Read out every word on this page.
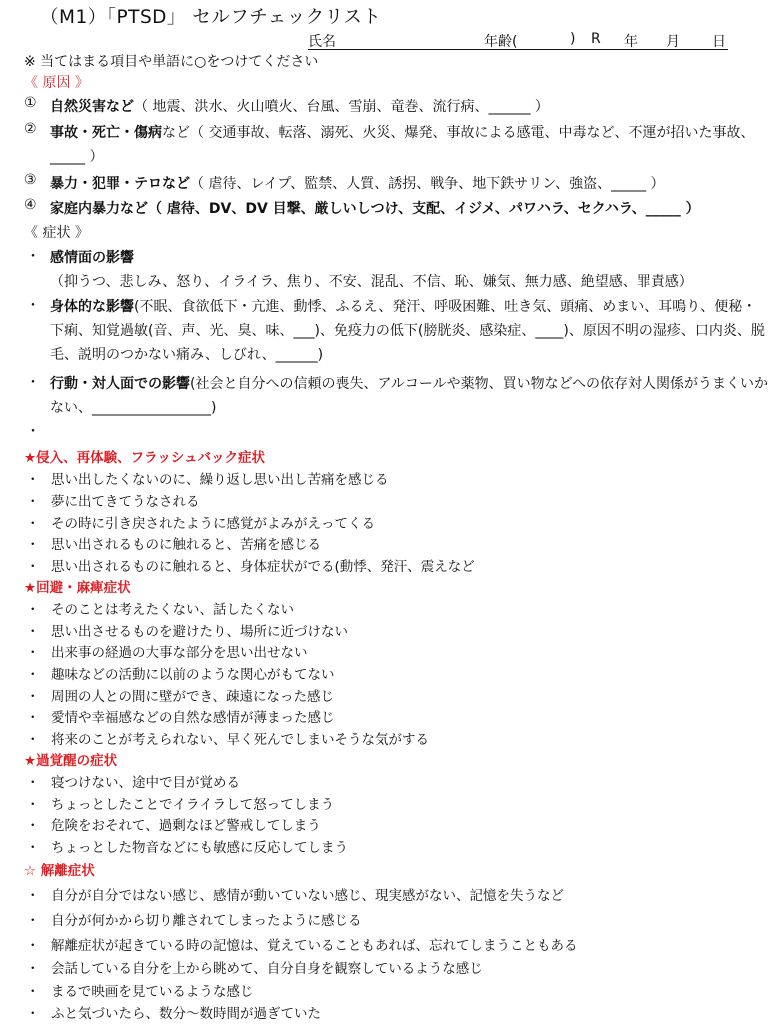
（M1）「PTSD」 セルフチェックリスト
氏名	年齢(	) R 年 月 日
※ 当てはまる項目や単語に○をつけてください
《 原因 》
① 自然災害など（ 地震、洪水、火山噴火、台風、雪崩、竜巻、流行病、______ ）
② 事故・死亡・傷病など（ 交通事故、転落、溺死、火災、爆発、事故による感電、中毒など、不運が招いた事故、_____ ）
③ 暴力・犯罪・テロなど（ 虐待、レイプ、監禁、人質、誘拐、戦争、地下鉄サリン、強盗、_____ ）
④ 家庭内暴力など（ 虐待、DV、DV 目撃、厳しいしつけ、支配、イジメ、パワハラ、セクハラ、_____ ）
《 症状 》
・ 感情面の影響（抑うつ、悲しみ、怒り、イライラ、焦り、不安、混乱、不信、恥、嫌気、無力感、絶望感、罪責感）
・ 身体的な影響(不眠、食欲低下・亢進、動悸、ふるえ、発汗、呼吸困難、吐き気、頭痛、めまい、耳鳴り、便秘・下痢、知覚過敏(音、声、光、臭、味、___)、免疫力の低下(膀胱炎、感染症、____)、原因不明の湿疹、口内炎、脱毛、説明のつかない痛み、しびれ、______)
・ 行動・対人面での影響(社会と自分への信頼の喪失、アルコールや薬物、買い物などへの依存対人関係がうまくいかない、_________________)
・
★侵入、再体験、フラッシュバック症状
・ 思い出したくないのに、繰り返し思い出し苦痛を感じる
・ 夢に出てきてうなされる
・ その時に引き戻されたように感覚がよみがえってくる
・ 思い出されるものに触れると、苦痛を感じる
・ 思い出されるものに触れると、身体症状がでる(動悸、発汗、震えなど
★回避・麻痺症状
・ そのことは考えたくない、話したくない
・ 思い出させるものを避けたり、場所に近づけない
・ 出来事の経過の大事な部分を思い出せない
・ 趣味などの活動に以前のような関心がもてない
・ 周囲の人との間に壁ができ、疎遠になった感じ
・ 愛情や幸福感などの自然な感情が薄まった感じ
・ 将来のことが考えられない、早く死んでしまいそうな気がする
★過覚醒の症状
・ 寝つけない、途中で目が覚める
・ ちょっとしたことでイライラして怒ってしまう
・ 危険をおそれて、過剰なほど警戒してしまう
・ ちょっとした物音などにも敏感に反応してしまう
☆ 解離症状
・ 自分が自分ではない感じ、感情が動いていない感じ、現実感がない、記憶を失うなど
・ 自分が何かから切り離されてしまったように感じる
・ 解離症状が起きている時の記憶は、覚えていることもあれば、忘れてしまうこともある
・ 会話している自分を上から眺めて、自分自身を観察しているような感じ
・ まるで映画を見ているような感じ
・ ふと気づいたら、数分～数時間が過ぎていた
